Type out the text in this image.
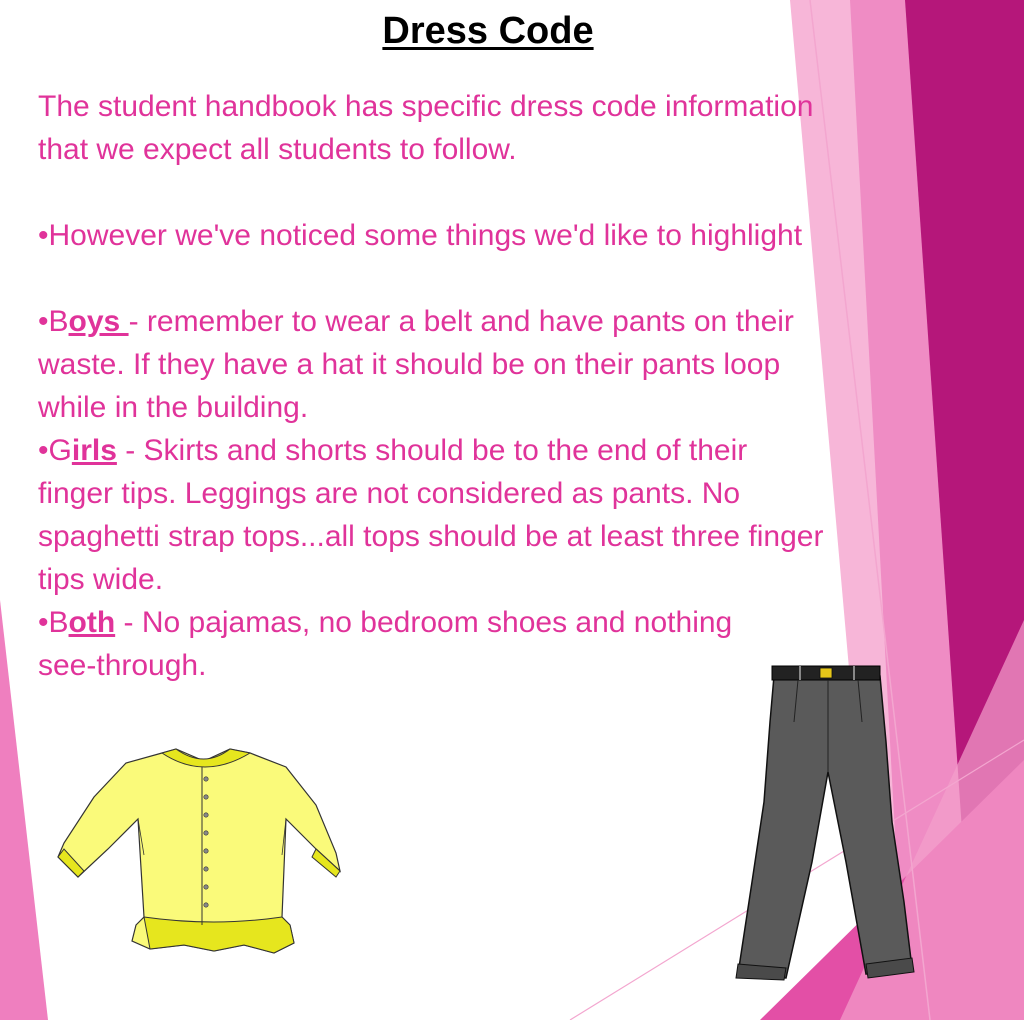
Dress Code

The student handbook has specific dress code information that we expect all students to follow.

•However we've noticed some things we'd like to highlight

•Boys - remember to wear a belt and have pants on their waste. If they have a hat it should be on their pants loop while in the building.

•Girls - Skirts and shorts should be to the end of their finger tips. Leggings are not considered as pants. No spaghetti strap tops...all tops should be at least three finger tips wide.

•Both - No pajamas, no bedroom shoes and nothing see-through.
